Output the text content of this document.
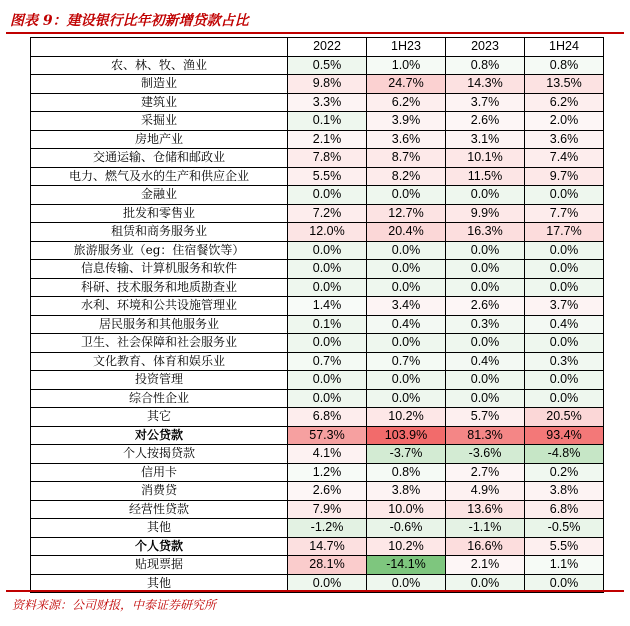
图表 9：建设银行比年初新增贷款占比
	2022	1H23	2023	1H24
农、林、牧、渔业	0.5%	1.0%	0.8%	0.8%
制造业	9.8%	24.7%	14.3%	13.5%
建筑业	3.3%	6.2%	3.7%	6.2%
采掘业	0.1%	3.9%	2.6%	2.0%
房地产业	2.1%	3.6%	3.1%	3.6%
交通运输、仓储和邮政业	7.8%	8.7%	10.1%	7.4%
电力、燃气及水的生产和供应企业	5.5%	8.2%	11.5%	9.7%
金融业	0.0%	0.0%	0.0%	0.0%
批发和零售业	7.2%	12.7%	9.9%	7.7%
租赁和商务服务业	12.0%	20.4%	16.3%	17.7%
旅游服务业（eg：住宿餐饮等）	0.0%	0.0%	0.0%	0.0%
信息传输、计算机服务和软件	0.0%	0.0%	0.0%	0.0%
科研、技术服务和地质勘查业	0.0%	0.0%	0.0%	0.0%
水利、环境和公共设施管理业	1.4%	3.4%	2.6%	3.7%
居民服务和其他服务业	0.1%	0.4%	0.3%	0.4%
卫生、社会保障和社会服务业	0.0%	0.0%	0.0%	0.0%
文化教育、体育和娱乐业	0.7%	0.7%	0.4%	0.3%
投资管理	0.0%	0.0%	0.0%	0.0%
综合性企业	0.0%	0.0%	0.0%	0.0%
其它	6.8%	10.2%	5.7%	20.5%
对公贷款	57.3%	103.9%	81.3%	93.4%
个人按揭贷款	4.1%	-3.7%	-3.6%	-4.8%
信用卡	1.2%	0.8%	2.7%	0.2%
消费贷	2.6%	3.8%	4.9%	3.8%
经营性贷款	7.9%	10.0%	13.6%	6.8%
其他	-1.2%	-0.6%	-1.1%	-0.5%
个人贷款	14.7%	10.2%	16.6%	5.5%
贴现票据	28.1%	-14.1%	2.1%	1.1%
其他	0.0%	0.0%	0.0%	0.0%
资料来源：公司财报，中泰证券研究所
